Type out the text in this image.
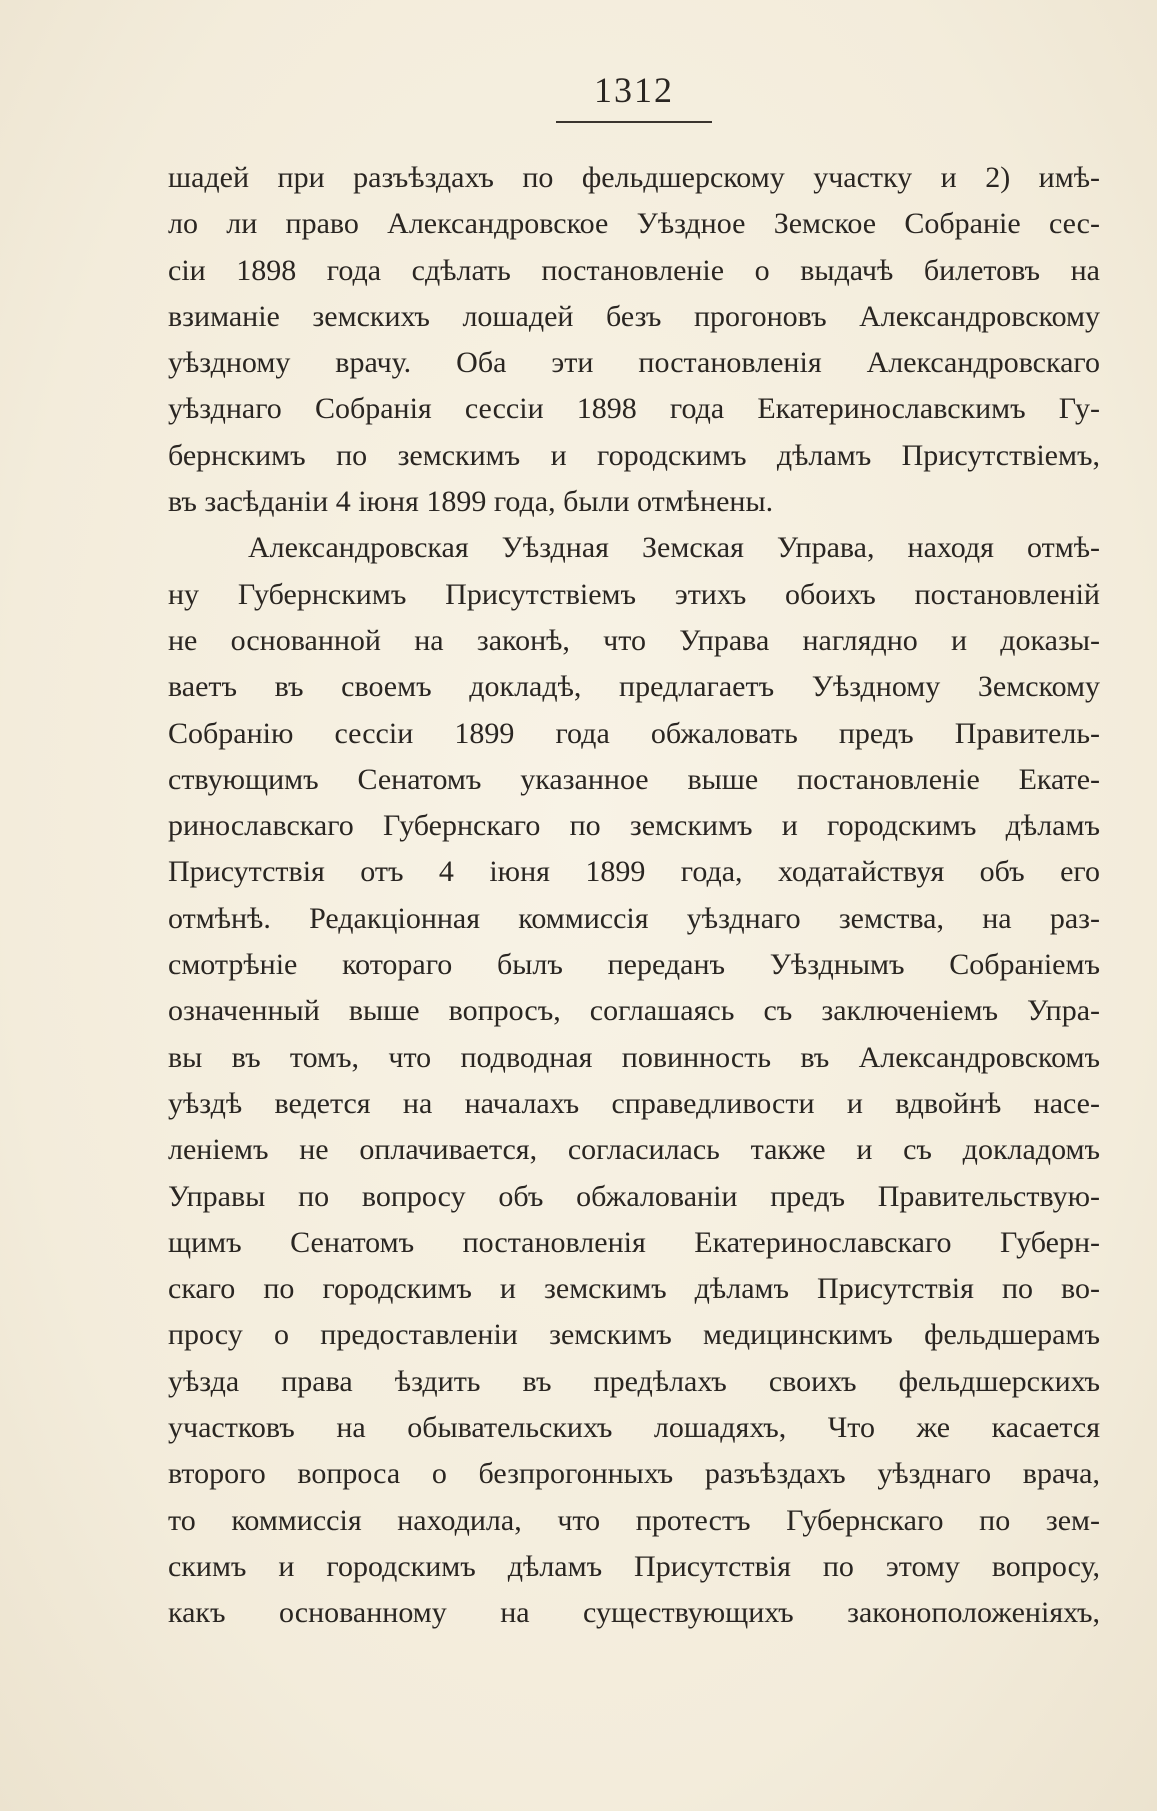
1312
шадей при разъѣздахъ по фельдшерскому участку и 2) имѣ-
ло ли право Александровское Уѣздное Земское Собраніе сес-
сіи 1898 года сдѣлать постановленіе о выдачѣ билетовъ на
взиманіе земскихъ лошадей безъ прогоновъ Александровскому
уѣздному врачу. Оба эти постановленія Александровскаго
уѣзднаго Собранія сессіи 1898 года Екатеринославскимъ Гу-
бернскимъ по земскимъ и городскимъ дѣламъ Присутствіемъ,
въ засѣданіи 4 іюня 1899 года, были отмѣнены.
Александровская Уѣздная Земская Управа, находя отмѣ-
ну Губернскимъ Присутствіемъ этихъ обоихъ постановленій
не основанной на законѣ, что Управа наглядно и доказы-
ваетъ въ своемъ докладѣ, предлагаетъ Уѣздному Земскому
Собранію сессіи 1899 года обжаловать предъ Правитель-
ствующимъ Сенатомъ указанное выше постановленіе Екате-
ринославскаго Губернскаго по земскимъ и городскимъ дѣламъ
Присутствія отъ 4 іюня 1899 года, ходатайствуя объ его
отмѣнѣ. Редакціонная коммиссія уѣзднаго земства, на раз-
смотрѣніе котораго былъ переданъ Уѣзднымъ Собраніемъ
означенный выше вопросъ, соглашаясь съ заключеніемъ Упра-
вы въ томъ, что подводная повинность въ Александровскомъ
уѣздѣ ведется на началахъ справедливости и вдвойнѣ насе-
леніемъ не оплачивается, согласилась также и съ докладомъ
Управы по вопросу объ обжалованіи предъ Правительствую-
щимъ Сенатомъ постановленія Екатеринославскаго Губерн-
скаго по городскимъ и земскимъ дѣламъ Присутствія по во-
просу о предоставленіи земскимъ медицинскимъ фельдшерамъ
уѣзда права ѣздить въ предѣлахъ своихъ фельдшерскихъ
участковъ на обывательскихъ лошадяхъ, Что же касается
второго вопроса о безпрогонныхъ разъѣздахъ уѣзднаго врача,
то коммиссія находила, что протестъ Губернскаго по зем-
скимъ и городскимъ дѣламъ Присутствія по этому вопросу,
какъ основанному на существующихъ законоположеніяхъ,
